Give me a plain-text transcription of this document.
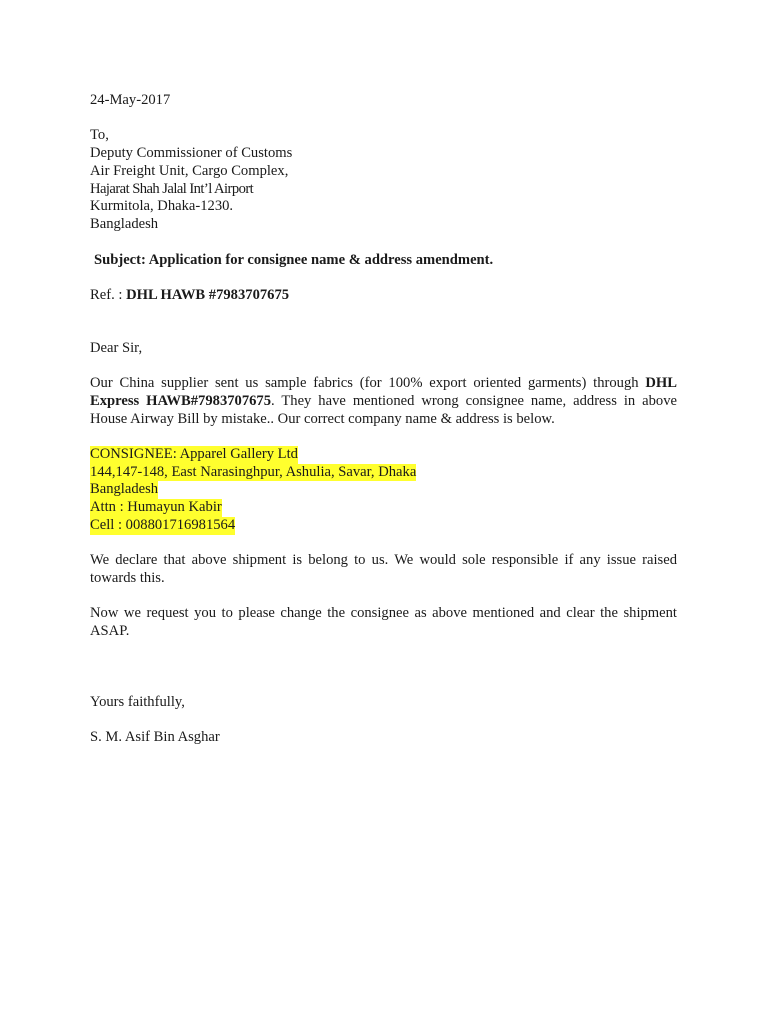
24-May-2017
To,
Deputy Commissioner of Customs
Air Freight Unit, Cargo Complex,
Hajarat Shah Jalal Int’l Airport
Kurmitola, Dhaka-1230.
Bangladesh
Subject: Application for consignee name & address amendment.
Ref. : DHL HAWB #7983707675
Dear Sir,
Our China supplier sent us sample fabrics (for 100% export oriented garments) through DHL Express HAWB#7983707675. They have mentioned wrong consignee name, address in above House Airway Bill by mistake.. Our correct company name & address is below.
CONSIGNEE: Apparel Gallery Ltd
144,147-148, East Narasinghpur, Ashulia, Savar, Dhaka
Bangladesh
Attn : Humayun Kabir
Cell : 008801716981564
We declare that above shipment is belong to us. We would sole responsible if any issue raised towards this.
Now we request you to please change the consignee as above mentioned and clear the shipment ASAP.
Yours faithfully,
S. M. Asif Bin Asghar
